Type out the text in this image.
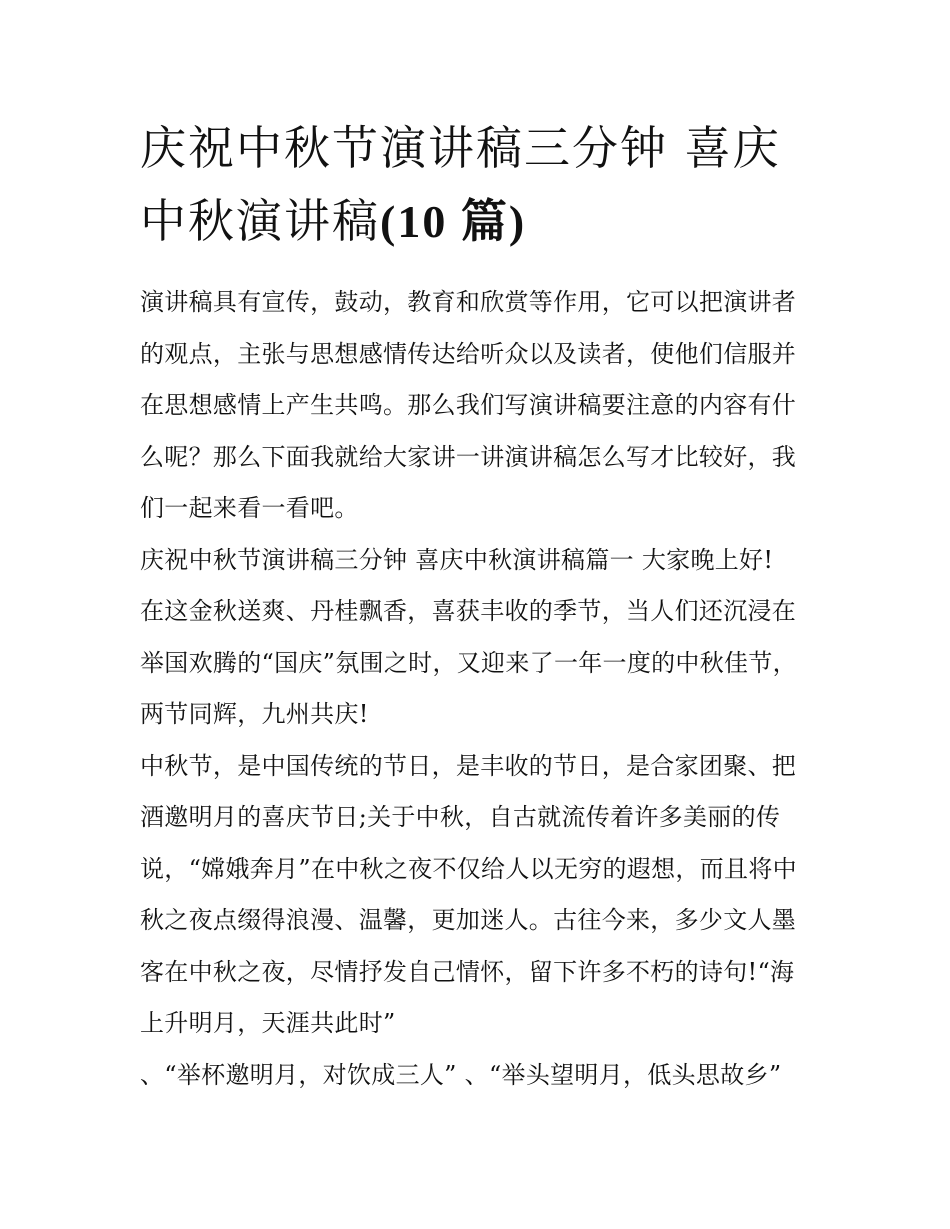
庆祝中秋节演讲稿三分钟 喜庆
中秋演讲稿(10 篇)

演讲稿具有宣传，鼓动，教育和欣赏等作用，它可以把演讲者
的观点，主张与思想感情传达给听众以及读者，使他们信服并
在思想感情上产生共鸣。那么我们写演讲稿要注意的内容有什
么呢？那么下面我就给大家讲一讲演讲稿怎么写才比较好，我
们一起来看一看吧。

庆祝中秋节演讲稿三分钟 喜庆中秋演讲稿篇一 大家晚上好!

在这金秋送爽、丹桂飘香，喜获丰收的季节，当人们还沉浸在
举国欢腾的“国庆”氛围之时，又迎来了一年一度的中秋佳节，
两节同辉，九州共庆!

中秋节，是中国传统的节日，是丰收的节日，是合家团聚、把
酒邀明月的喜庆节日;关于中秋，自古就流传着许多美丽的传
说，“嫦娥奔月”在中秋之夜不仅给人以无穷的遐想，而且将中
秋之夜点缀得浪漫、温馨，更加迷人。古往今来，多少文人墨
客在中秋之夜，尽情抒发自己情怀，留下许多不朽的诗句!“海
上升明月，天涯共此时”

、“举杯邀明月，对饮成三人” 、“举头望明月，低头思故乡”
